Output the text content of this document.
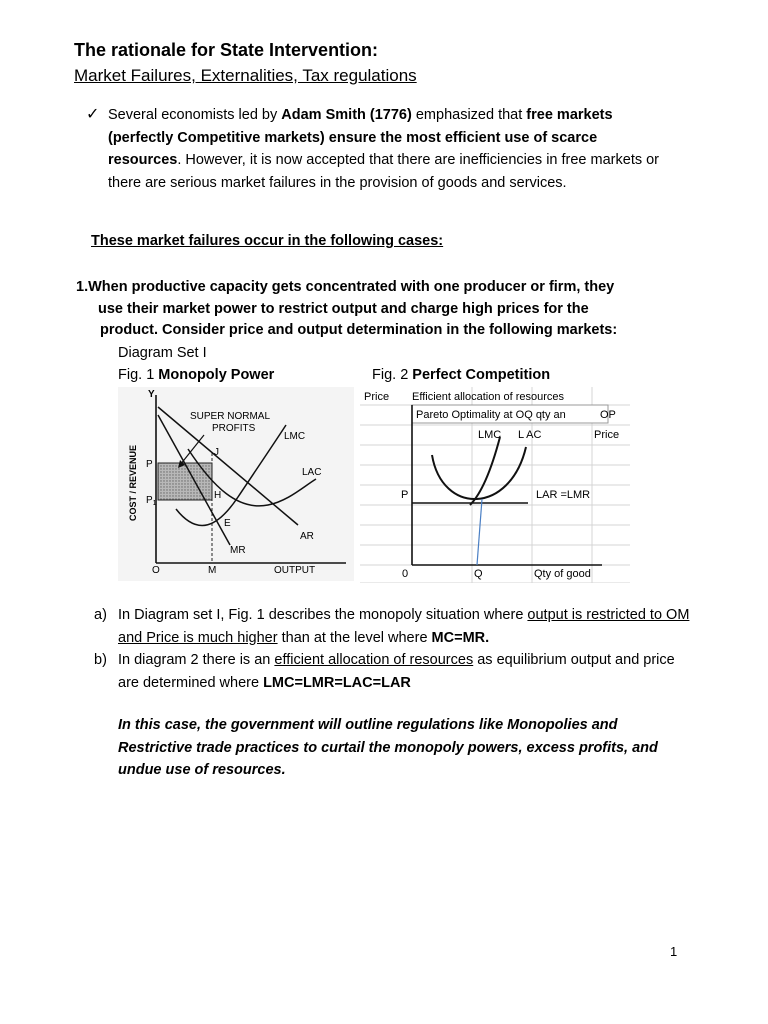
The rationale for State Intervention:
Market Failures, Externalities, Tax regulations
✓ Several economists led by Adam Smith (1776) emphasized that free markets (perfectly Competitive markets) ensure the most efficient use of scarce resources. However, it is now accepted that there are inefficiencies in free markets or there are serious market failures in the provision of goods and services.
These market failures occur in the following cases:
1.When productive capacity gets concentrated with one producer or firm, they
use their market power to restrict output and charge high prices for the
product. Consider price and output determination in the following markets:
Diagram Set I
Fig. 1 Monopoly Power	Fig. 2 Perfect Competition
Y
SUPER NORMAL
PROFITS
LMC
LAC
AR
MR
J
H
E
P
$P_1$
O	M	OUTPUT
COST / REVENUE
Price Efficient allocation of resources
Pareto Optimality at OQ qty an	OP
LMC L AC	Price
P	LAR =LMR
0	Q	Qty of good
a) In Diagram set I, Fig. 1 describes the monopoly situation where output is restricted to OM and Price is much higher than at the level where MC=MR.
b) In diagram 2 there is an efficient allocation of resources as equilibrium output and price are determined where LMC=LMR=LAC=LAR
In this case, the government will outline regulations like Monopolies and Restrictive trade practices to curtail the monopoly powers, excess profits, and undue use of resources.
1
